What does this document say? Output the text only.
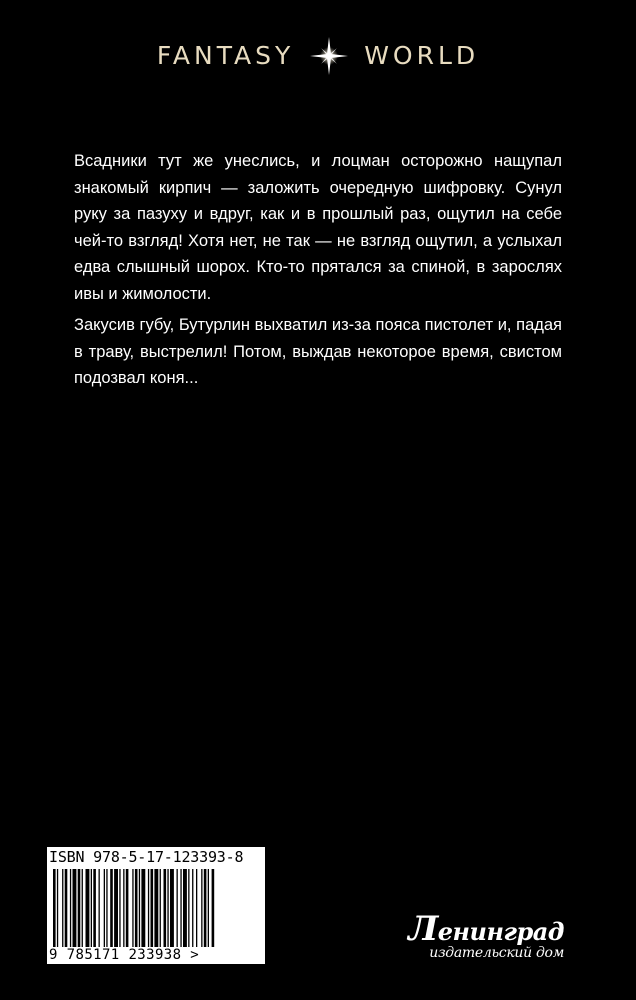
FANTASY	WORLD

Всадники тут же унеслись, и лоцман осторожно нащупал знакомый кирпич — заложить очередную шифровку. Сунул руку за пазуху и вдруг, как и в прошлый раз, ощутил на себе чей-то взгляд! Хотя нет, не так — не взгляд ощутил, а услыхал едва слышный шорох. Кто-то прятался за спиной, в зарослях ивы и жимолости.

Закусив губу, Бутурлин выхватил из-за пояса пистолет и, падая в траву, выстрелил! Потом, выждав некоторое время, свистом подозвал коня...

ISBN 978-5-17-123393-8
9 785171 233938 >
Ленинград
издательский дом
